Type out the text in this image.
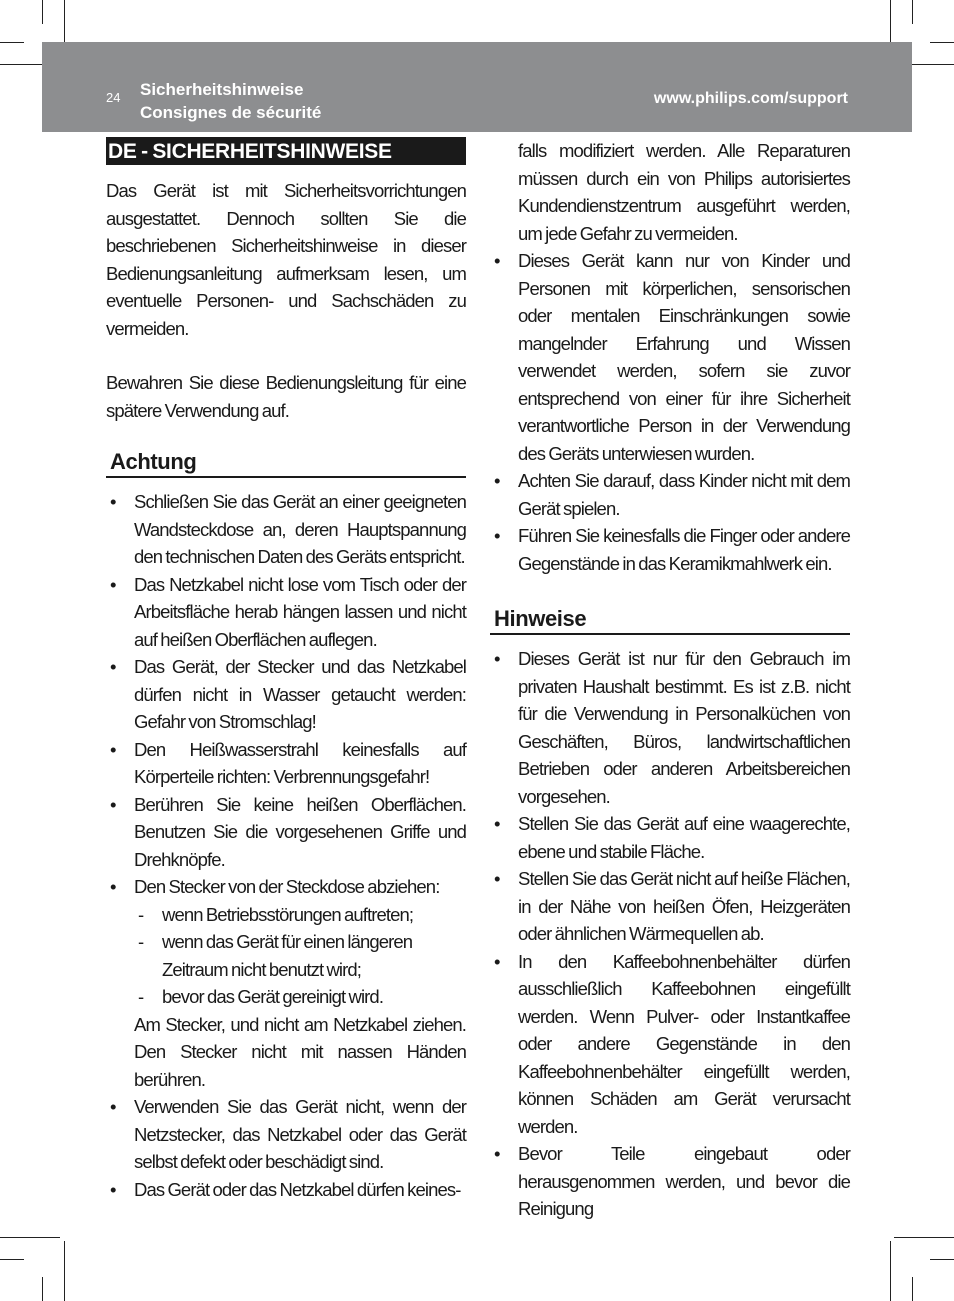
24 Sicherheitshinweise
Consignes de sécurité
www.philips.com/support
DE - SICHERHEITSHINWEISE

Das Gerät ist mit Sicherheitsvorrichtungen ausgestattet. Dennoch sollten Sie die beschriebenen Sicherheitshinweise in dieser Bedienungsanleitung aufmerksam lesen, um eventuelle Personen- und Sachschäden zu vermeiden.

Bewahren Sie diese Bedienungsleitung für eine spätere Verwendung auf.

Achtung
• Schließen Sie das Gerät an einer geeigneten Wandsteckdose an, deren Hauptspannung den technischen Daten des Geräts entspricht.
• Das Netzkabel nicht lose vom Tisch oder der Arbeitsfläche herab hängen lassen und nicht auf heißen Oberflächen auflegen.
• Das Gerät, der Stecker und das Netzkabel dürfen nicht in Wasser getaucht werden: Gefahr von Stromschlag!
• Den Heißwasserstrahl keinesfalls auf Körperteile richten: Verbrennungsgefahr!
• Berühren Sie keine heißen Oberflächen. Benutzen Sie die vorgesehenen Griffe und Drehknöpfe.
• Den Stecker von der Steckdose abziehen:
- wenn Betriebsstörungen auftreten;
- wenn das Gerät für einen längeren Zeitraum nicht benutzt wird;
- bevor das Gerät gereinigt wird.
Am Stecker, und nicht am Netzkabel ziehen. Den Stecker nicht mit nassen Händen berühren.
• Verwenden Sie das Gerät nicht, wenn der Netzstecker, das Netzkabel oder das Gerät selbst defekt oder beschädigt sind.
• Das Gerät oder das Netzkabel dürfen keines-
falls modifiziert werden. Alle Reparaturen müssen durch ein von Philips autorisiertes Kundendienstzentrum ausgeführt werden, um jede Gefahr zu vermeiden.
• Dieses Gerät kann nur von Kinder und Personen mit körperlichen, sensorischen oder mentalen Einschränkungen sowie mangelnder Erfahrung und Wissen verwendet werden, sofern sie zuvor entsprechend von einer für ihre Sicherheit verantwortliche Person in der Verwendung des Geräts unterwiesen wurden.
• Achten Sie darauf, dass Kinder nicht mit dem Gerät spielen.
• Führen Sie keinesfalls die Finger oder andere Gegenstände in das Keramikmahlwerk ein.
Hinweise
• Dieses Gerät ist nur für den Gebrauch im privaten Haushalt bestimmt. Es ist z.B. nicht für die Verwendung in Personalküchen von Geschäften, Büros, landwirtschaftlichen Betrieben oder anderen Arbeitsbereichen vorgesehen.
• Stellen Sie das Gerät auf eine waagerechte, ebene und stabile Fläche.
• Stellen Sie das Gerät nicht auf heiße Flächen, in der Nähe von heißen Öfen, Heizgeräten oder ähnlichen Wärmequellen ab.
• In den Kaffeebohnenbehälter dürfen ausschließlich Kaffeebohnen eingefüllt werden. Wenn Pulver- oder Instantkaffee oder andere Gegenstände in den Kaffeebohnenbehälter eingefüllt werden, können Schäden am Gerät verursacht werden.
• Bevor Teile eingebaut oder herausgenommen werden, und bevor die Reinigung
